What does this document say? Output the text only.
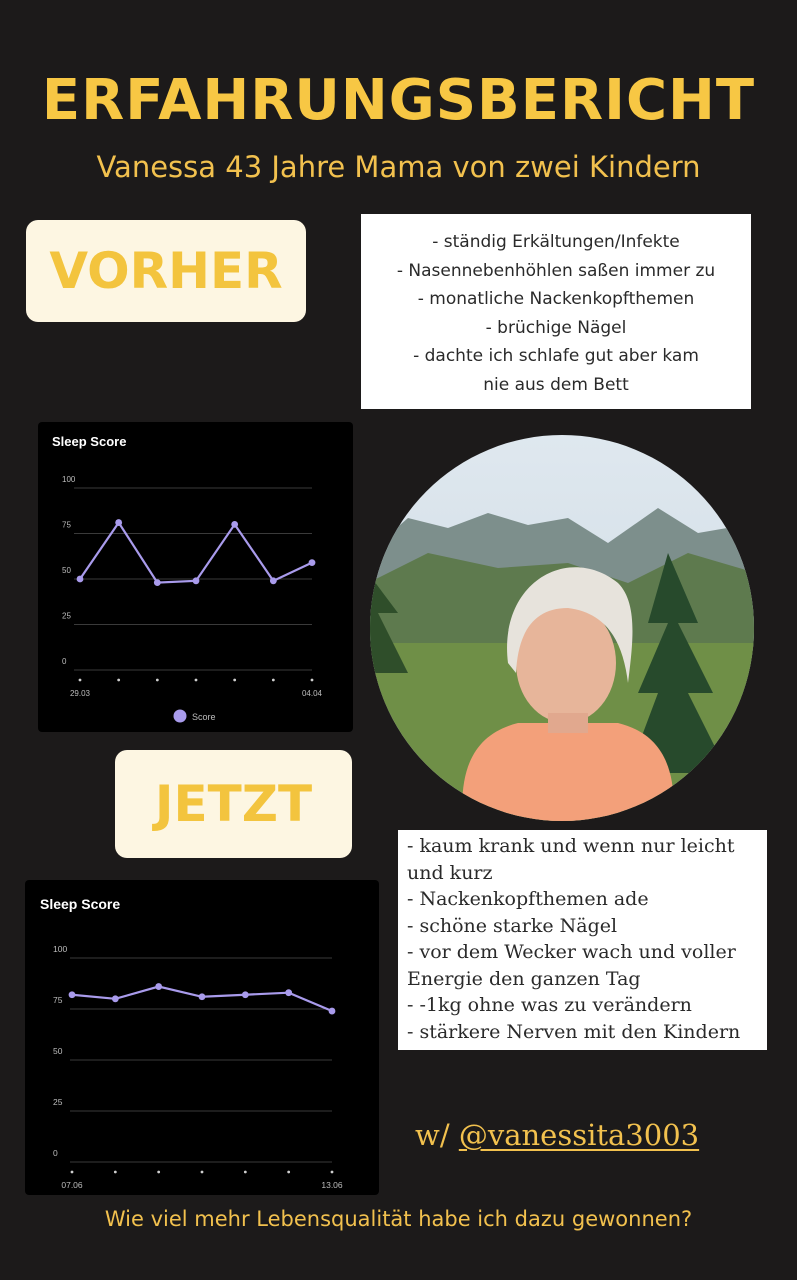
ERFAHRUNGSBERICHT
Vanessa 43 Jahre Mama von zwei Kindern
VORHER	- ständig Erkältungen/Infekte
- Nasennebenhöhlen saßen immer zu
- monatliche Nackenkopfthemen
- brüchige Nägel
- dachte ich schlafe gut aber kam
nie aus dem Bett
Sleep Score
100
75
50
25
0
29.03	04.04
Score
JETZT
- kaum krank und wenn nur leicht
und kurz
- Nackenkopfthemen ade
- schöne starke Nägel
- vor dem Wecker wach und voller
Energie den ganzen Tag
- -1kg ohne was zu verändern
- stärkere Nerven mit den Kindern
Sleep Score
100
75
50
25
0
07.06	13.06
w/ @vanessita3003
Wie viel mehr Lebensqualität habe ich dazu gewonnen?
